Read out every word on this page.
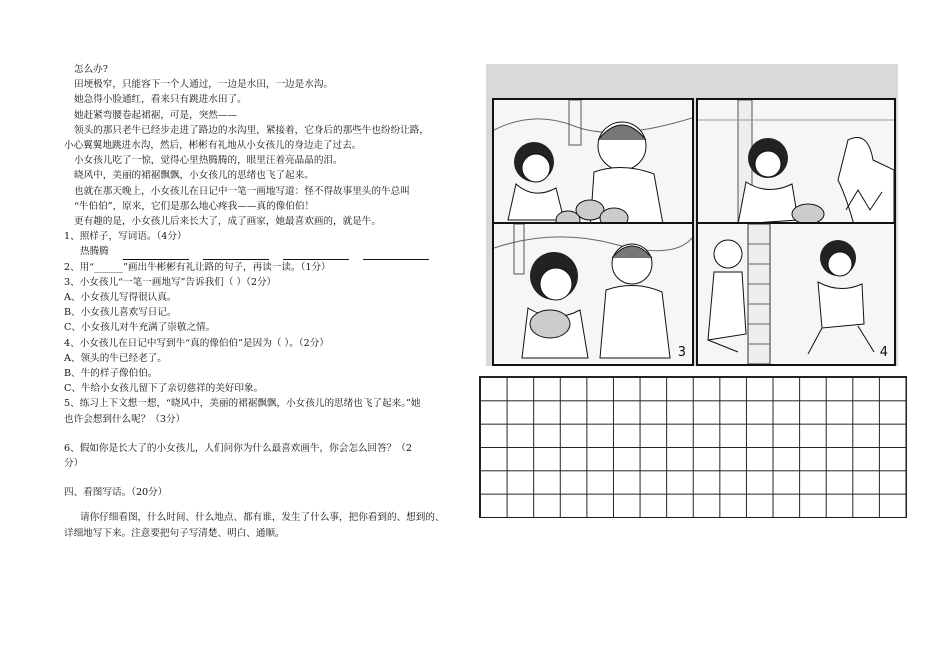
怎么办?
田埂极窄，只能容下一个人通过，一边是水田，一边是水沟。
她急得小脸通红，看来只有跳进水田了。
她赶紧弯腰卷起裙裾，可是，突然——
领头的那只老牛已经步走进了路边的水沟里，紧接着，它身后的那些牛也纷纷让路，
小心翼翼地跳进水沟，然后，彬彬有礼地从小女孩儿的身边走了过去。
小女孩儿吃了一惊，觉得心里热腾腾的，眼里汪着亮晶晶的泪。
晓风中，美丽的裙裾飘飘，小女孩儿的思绪也飞了起来。
也就在那天晚上，小女孩儿在日记中一笔一画地写道：怪不得故事里头的牛总叫
“牛伯伯”，原来，它们是那么地心疼我——真的像伯伯！
更有趣的是，小女孩儿后来长大了，成了画家，她最喜欢画的，就是牛。
1、照样子，写词语。（4分）
热腾腾
2、用“______”画出牛彬彬有礼让路的句子，再读一读。（1分）
3、小女孩儿“一笔一画地写”告诉我们（ ）（2分）
A、小女孩儿写得很认真。
B、小女孩儿喜欢写日记。
C、小女孩儿对牛充满了崇敬之情。
4、小女孩儿在日记中写到牛“真的像伯伯”是因为（ ）。（2分）
A、领头的牛已经老了。
B、牛的样子像伯伯。
C、牛给小女孩儿留下了亲切慈祥的美好印象。
5、练习上下文想一想，“晓风中，美丽的裙裾飘飘，小女孩儿的思绪也飞了起来。”她
也许会想到什么呢？（3分）
6、假如你是长大了的小女孩儿，人们问你为什么最喜欢画牛，你会怎么回答？（2
分）
四、看图写话。（20分）
请你仔细看图，什么时间、什么地点、都有谁，发生了什么事，把你看到的、想到的、
详细地写下来。注意要把句子写清楚、明白、通顺。
3	4
